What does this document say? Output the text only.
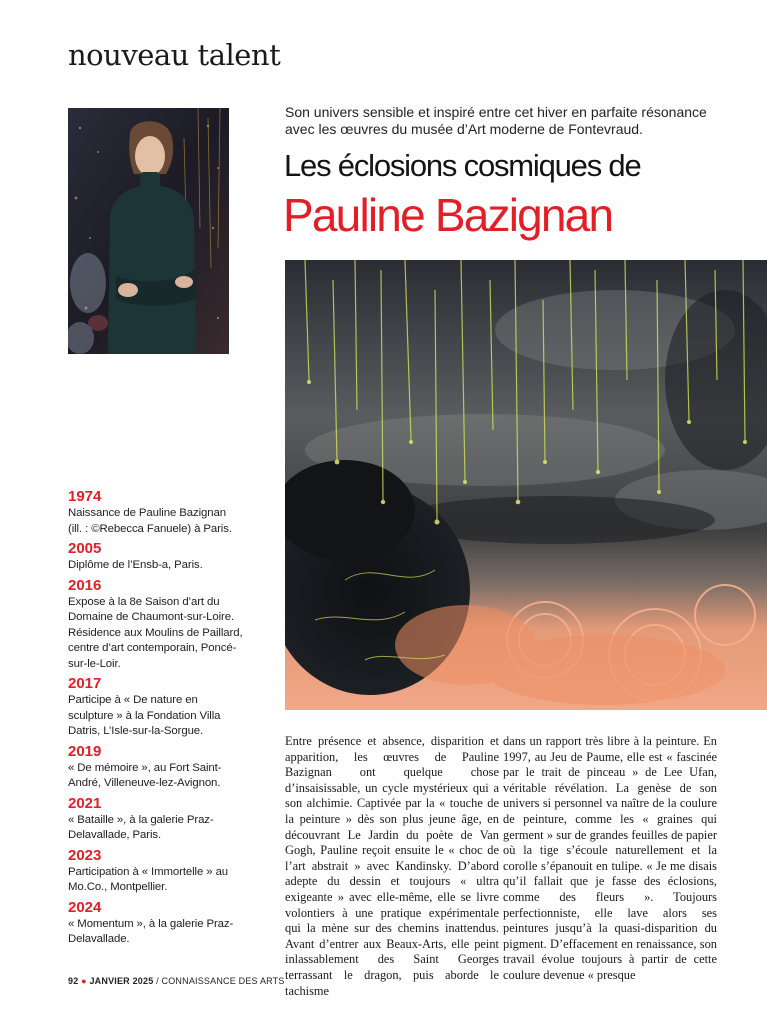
nouveau talent
Son univers sensible et inspiré entre cet hiver en parfaite résonance avec les œuvres du musée d’Art moderne de Fontevraud.
Les éclosions cosmiques de
Pauline Bazignan
1974
Naissance de Pauline Bazignan (ill. : ©Rebecca Fanuele) à Paris.
2005
Diplôme de l’Ensb-a, Paris.
2016
Expose à la 8e Saison d’art du Domaine de Chaumont-sur-Loire. Résidence aux Moulins de Paillard, centre d’art contemporain, Poncé-sur-le-Loir.
2017
Participe à « De nature en sculpture » à la Fondation Villa Datris, L’Isle-sur-la-Sorgue.
2019
« De mémoire », au Fort Saint-André, Villeneuve-lez-Avignon.
2021
« Bataille », à la galerie Praz-Delavallade, Paris.
2023
Participation à « Immortelle » au Mo.Co., Montpellier.
2024
« Momentum », à la galerie Praz-Delavallade.

Entre présence et absence, disparition et apparition, les œuvres de Pauline Bazignan ont quelque chose d’insaisissable, un cycle mystérieux qui a son alchimie. Captivée par la « touche de la peinture » dès son plus jeune âge, en découvrant Le Jardin du poète de Van Gogh, Pauline reçoit ensuite le « choc de l’art abstrait » avec Kandinsky. D’abord adepte du dessin et toujours « ultra exigeante » avec elle-même, elle se livre volontiers à une pratique expérimentale qui la mène sur des chemins inattendus. Avant d’entrer aux Beaux-Arts, elle peint inlassablement des Saint Georges terrassant le dragon, puis aborde le tachisme

dans un rapport très libre à la peinture. En 1997, au Jeu de Paume, elle est « fascinée par le trait de pinceau » de Lee Ufan, véritable révélation. La genèse de son univers si personnel va naître de la coulure de peinture, comme les « graines qui germent » sur de grandes feuilles de papier où la tige s’écoule naturellement et la corolle s’épanouit en tulipe. « Je me disais qu’il fallait que je fasse des éclosions, comme des fleurs ». Toujours perfectionniste, elle lave alors ses peintures jusqu’à la quasi-disparition du pigment. D’effacement en renaissance, son travail évolue toujours à partir de cette coulure devenue « presque

92 ● JANVIER 2025 / CONNAISSANCE DES ARTS
